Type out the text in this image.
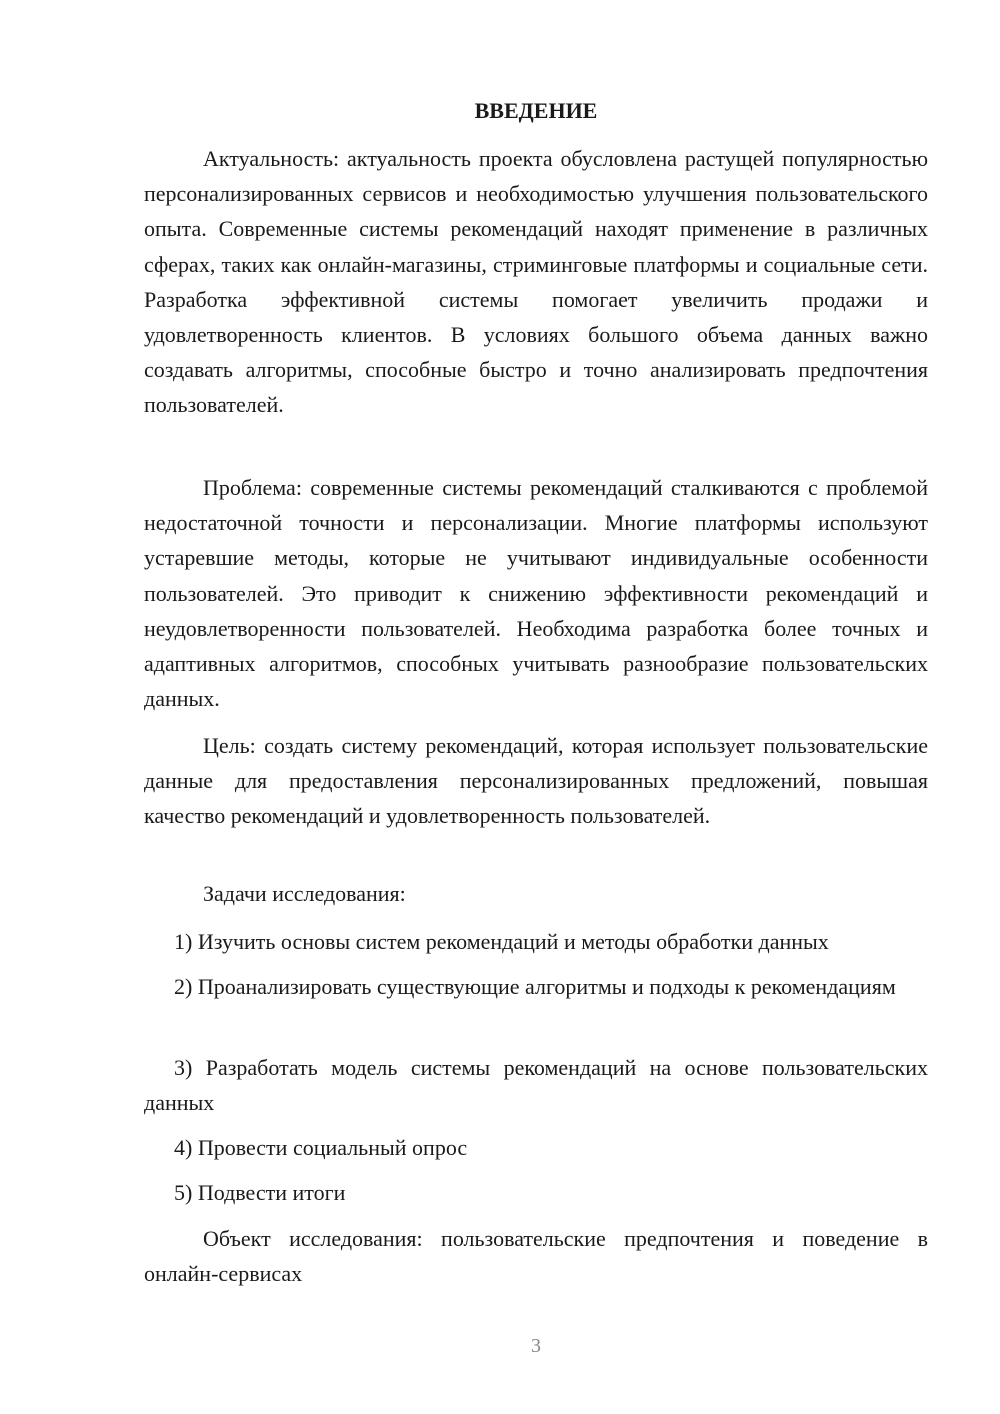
ВВЕДЕНИЕ

Актуальность: актуальность проекта обусловлена растущей популярностью персонализированных сервисов и необходимостью улучшения пользовательского опыта. Современные системы рекомендаций находят применение в различных сферах, таких как онлайн-магазины, стриминговые платформы и социальные сети. Разработка эффективной системы помогает увеличить продажи и удовлетворенность клиентов. В условиях большого объема данных важно создавать алгоритмы, способные быстро и точно анализировать предпочтения пользователей.

Проблема: современные системы рекомендаций сталкиваются с проблемой недостаточной точности и персонализации. Многие платформы используют устаревшие методы, которые не учитывают индивидуальные особенности пользователей. Это приводит к снижению эффективности рекомендаций и неудовлетворенности пользователей. Необходима разработка более точных и адаптивных алгоритмов, способных учитывать разнообразие пользовательских данных.

Цель: создать систему рекомендаций, которая использует пользовательские данные для предоставления персонализированных предложений, повышая качество рекомендаций и удовлетворенность пользователей.

Задачи исследования:

1) Изучить основы систем рекомендаций и методы обработки данных

2) Проанализировать существующие алгоритмы и подходы к рекомендациям

3) Разработать модель системы рекомендаций на основе пользовательских данных

4) Провести социальный опрос

5) Подвести итоги

Объект исследования: пользовательские предпочтения и поведение в онлайн-сервисах

3
